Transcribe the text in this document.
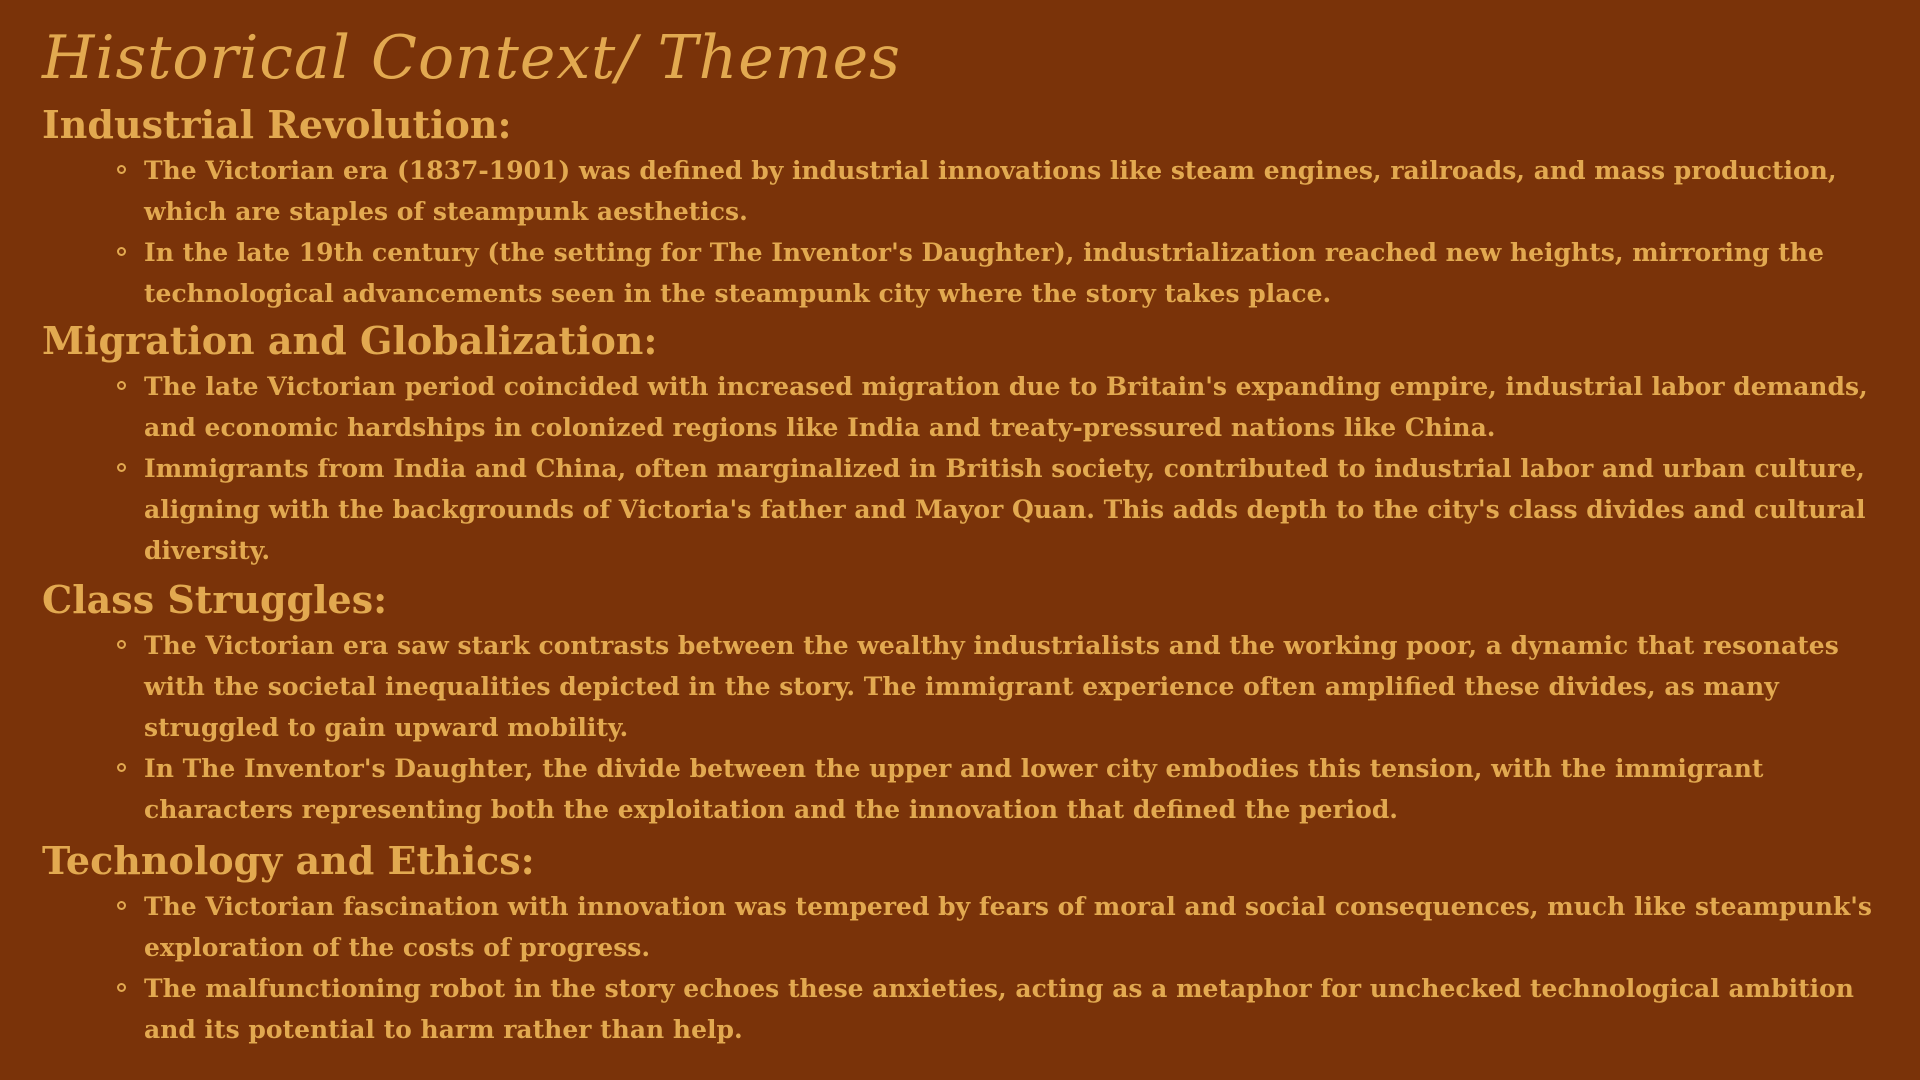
Historical Context/ Themes
Industrial Revolution:
The Victorian era (1837-1901) was defined by industrial innovations like steam engines, railroads, and mass production, which are staples of steampunk aesthetics.
In the late 19th century (the setting for The Inventor's Daughter), industrialization reached new heights, mirroring the technological advancements seen in the steampunk city where the story takes place.
Migration and Globalization:
The late Victorian period coincided with increased migration due to Britain's expanding empire, industrial labor demands, and economic hardships in colonized regions like India and treaty-pressured nations like China.
Immigrants from India and China, often marginalized in British society, contributed to industrial labor and urban culture, aligning with the backgrounds of Victoria's father and Mayor Quan. This adds depth to the city's class divides and cultural diversity.
Class Struggles:
The Victorian era saw stark contrasts between the wealthy industrialists and the working poor, a dynamic that resonates with the societal inequalities depicted in the story. The immigrant experience often amplified these divides, as many struggled to gain upward mobility.
In The Inventor's Daughter, the divide between the upper and lower city embodies this tension, with the immigrant characters representing both the exploitation and the innovation that defined the period.
Technology and Ethics:
The Victorian fascination with innovation was tempered by fears of moral and social consequences, much like steampunk's exploration of the costs of progress.
The malfunctioning robot in the story echoes these anxieties, acting as a metaphor for unchecked technological ambition and its potential to harm rather than help.
